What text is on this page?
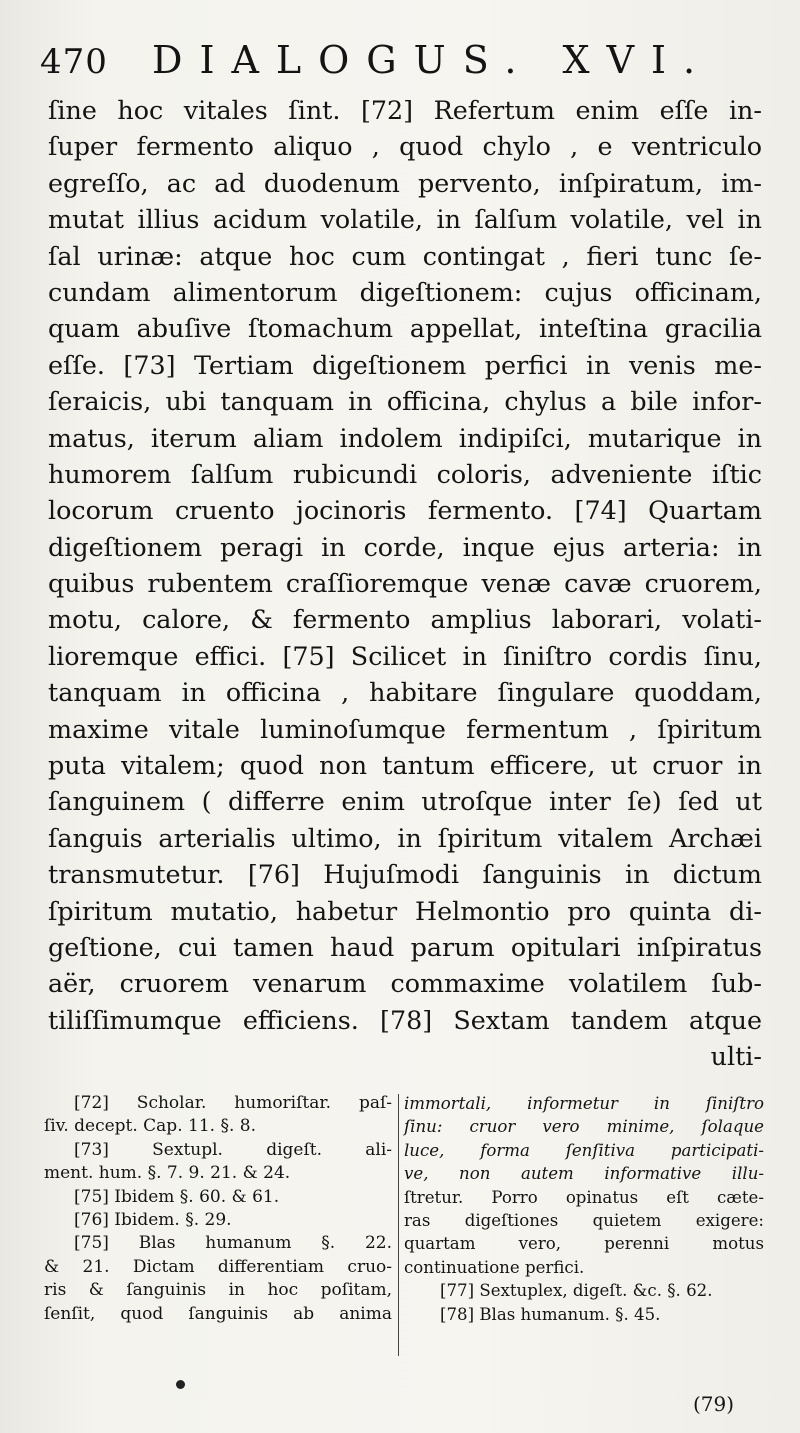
470	DIALOGUS. XVI.
ſine hoc vitales ſint. [72] Refertum enim eſſe in-
ſuper fermento aliquo , quod chylo , e ventriculo
egreſſo, ac ad duodenum pervento, inſpiratum, im-
mutat illius acidum volatile, in ſalſum volatile, vel in
ſal urinæ: atque hoc cum contingat , fieri tunc ſe-
cundam alimentorum digeſtionem: cujus officinam,
quam abuſive ſtomachum appellat, inteſtina gracilia
eſſe. [73] Tertiam digeſtionem perfici in venis me-
ſeraicis, ubi tanquam in officina, chylus a bile infor-
matus, iterum aliam indolem indipiſci, mutarique in
humorem ſalſum rubicundi coloris, adveniente iſtic
locorum cruento jocinoris fermento. [74] Quartam
digeſtionem peragi in corde, inque ejus arteria: in
quibus rubentem craſſioremque venæ cavæ cruorem,
motu, calore, & fermento amplius laborari, volati-
lioremque effici. [75] Scilicet in ſiniſtro cordis ſinu,
tanquam in officina , habitare ſingulare quoddam,
maxime vitale luminoſumque fermentum , ſpiritum
puta vitalem; quod non tantum efficere, ut cruor in
ſanguinem ( differre enim utroſque inter ſe) ſed ut
ſanguis arterialis ultimo, in ſpiritum vitalem Archæi
transmutetur. [76] Hujuſmodi ſanguinis in dictum
ſpiritum mutatio, habetur Helmontio pro quinta di-
geſtione, cui tamen haud parum opitulari inſpiratus
aër, cruorem venarum commaxime volatilem ſub-
tiliſſimumque efficiens. [78] Sextam tandem atque
ulti-
[72] Scholar. humoriſtar. paſ-
ſiv. decept. Cap. 11. §. 8.
[73] Sextupl. digeſt. ali-
ment. hum. §. 7. 9. 21. & 24.
[75] Ibidem §. 60. & 61.
[76] Ibidem. §. 29.
[75] Blas humanum §. 22.
& 21. Dictam differentiam cruo-
ris & ſanguinis in hoc poſitam,
ſenſit, quod ſanguinis ab anima
immortali, informetur in ſiniſtro
ſinu: cruor vero minime, ſolaque
luce, forma ſenſitiva participati-
ve, non autem informative illu-
ſtretur. Porro opinatus eſt cæte-
ras digeſtiones quietem exigere:
quartam vero, perenni motus
continuatione perfici.
[77] Sextuplex, digeſt. &c. §. 62.
[78] Blas humanum. §. 45.
(79)
